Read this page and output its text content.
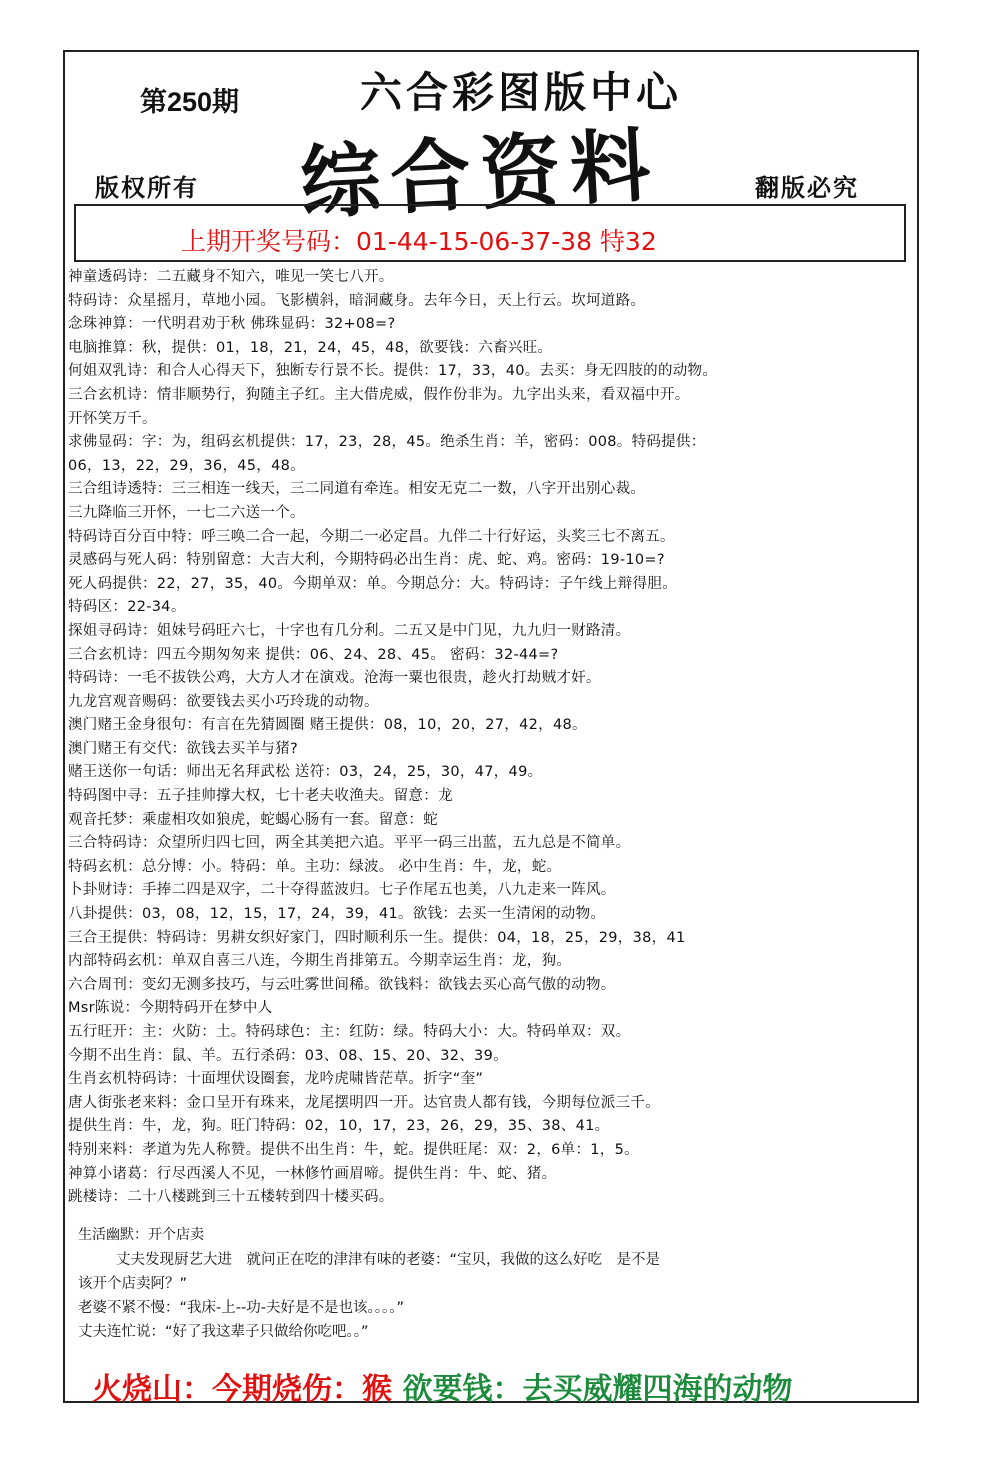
第250期	六合彩图版中心
综合资料
版权所有	翻版必究
上期开奖号码：01-44-15-06-37-38 特32
神童透码诗：二五藏身不知六，唯见一笑七八开。
特码诗：众星摇月，草地小园。飞影横斜，暗洞藏身。去年今日，天上行云。坎坷道路。
念珠神算：一代明君劝于秋 佛珠显码：32+08=?
电脑推算：秋，提供：01，18，21，24，45，48，欲要钱：六畜兴旺。
何姐双乳诗：和合人心得天下，独断专行景不长。提供：17，33，40。去买：身无四肢的的动物。
三合玄机诗：情非顺势行，狗随主子红。主大借虎威，假作份非为。九字出头来，看双福中开。
开怀笑万千。
求佛显码：字：为，组码玄机提供：17，23，28，45。绝杀生肖：羊，密码：008。特码提供：
06，13，22，29，36，45，48。
三合组诗透特：三三相连一线天，三二同道有牵连。相安无克二一数，八字开出别心裁。
三九降临三开怀，一七二六送一个。
特码诗百分百中特：呼三唤二合一起，今期二一必定昌。九伴二十行好运，头奖三七不离五。
灵感码与死人码：特别留意：大吉大利，今期特码必出生肖：虎、蛇、鸡。密码：19-10=?
死人码提供：22，27，35，40。今期单双：单。今期总分：大。特码诗：子午线上辩得胆。
特码区：22-34。
探姐寻码诗：姐妹号码旺六七，十字也有几分利。二五又是中门见，九九归一财路清。
三合玄机诗：四五今期匆匆来 提供：06、24、28、45。 密码：32-44=?
特码诗：一毛不拔铁公鸡，大方人才在演戏。沧海一粟也很贵，趁火打劫贼才奸。
九龙宫观音赐码：欲要钱去买小巧玲珑的动物。
澳门赌王金身很句：有言在先猜圆圈 赌王提供：08，10，20，27，42，48。
澳门赌王有交代：欲钱去买羊与猪?
赌王送你一句话：师出无名拜武松 送符：03，24，25，30，47，49。
特码图中寻：五子挂帅撑大权，七十老夫收渔夫。留意：龙
观音托梦：乘虚相攻如狼虎，蛇蝎心肠有一套。留意：蛇
三合特码诗：众望所归四七回，两全其美把六追。平平一码三出蓝，五九总是不简单。
特码玄机：总分博：小。特码：单。主功：绿波。 必中生肖：牛，龙，蛇。
卜卦财诗：手捧二四是双字，二十夺得蓝波归。七子作尾五也美，八九走来一阵风。
八卦提供：03，08，12，15，17，24，39，41。欲钱：去买一生清闲的动物。
三合王提供：特码诗：男耕女织好家门，四时顺利乐一生。提供：04，18，25，29，38，41
内部特码玄机：单双自喜三八连，今期生肖排第五。今期幸运生肖：龙，狗。
六合周刊：变幻无测多技巧，与云吐雾世间稀。欲钱料：欲钱去买心高气傲的动物。
Msr陈说：今期特码开在梦中人
五行旺开：主：火防：土。特码球色：主：红防：绿。特码大小：大。特码单双：双。
今期不出生肖：鼠、羊。五行杀码：03、08、15、20、32、39。
生肖玄机特码诗：十面埋伏设圈套，龙吟虎啸皆茫草。折字“奎”
唐人街张老来料：金口呈开有珠来，龙尾摆明四一开。达官贵人都有钱，今期每位派三千。
提供生肖：牛，龙，狗。旺门特码：02，10，17，23，26，29，35、38、41。
特别来料：孝道为先人称赞。提供不出生肖：牛，蛇。提供旺尾：双：2，6单：1，5。
神算小诸葛：行尽西溪人不见，一林修竹画眉啼。提供生肖：牛、蛇、猪。
跳楼诗：二十八楼跳到三十五楼转到四十楼买码。
生活幽默：开个店卖
丈夫发现厨艺大进　就问正在吃的津津有味的老婆：“宝贝，我做的这么好吃　是不是
该开个店卖阿？”
老婆不紧不慢：“我床-上--功-夫好是不是也该。。。。”
丈夫连忙说：“好了我这辈子只做给你吃吧。。”
火烧山：今期烧伤：猴 欲要钱：去买威耀四海的动物
